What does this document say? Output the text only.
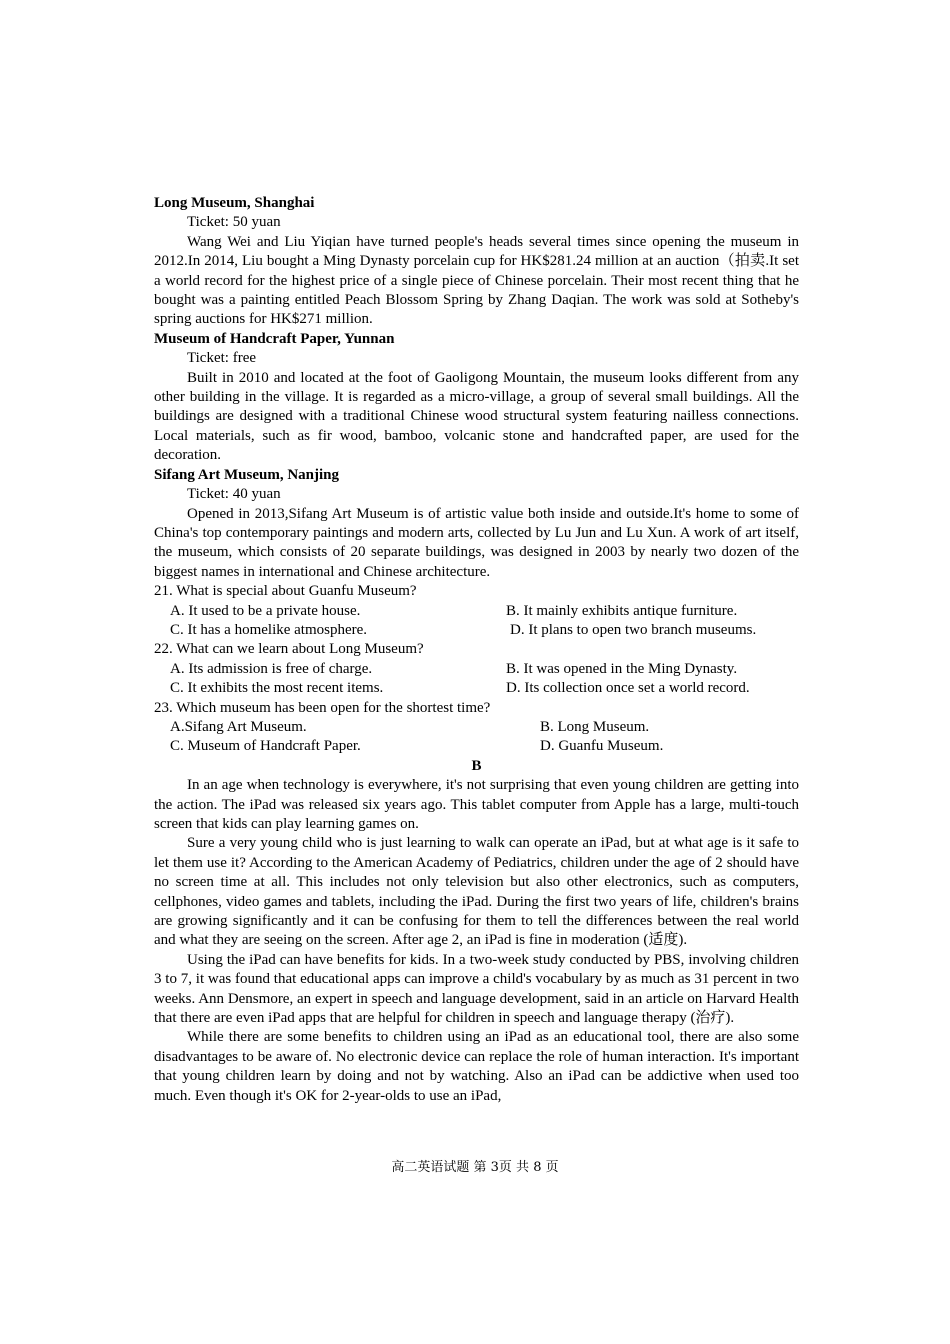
Long Museum, Shanghai
Ticket: 50 yuan
Wang Wei and Liu Yiqian have turned people's heads several times since opening the museum in 2012.In 2014, Liu bought a Ming Dynasty porcelain cup for HK$281.24 million at an auction（拍卖.It set a world record for the highest price of a single piece of Chinese porcelain. Their most recent thing that he bought was a painting entitled Peach Blossom Spring by Zhang Daqian. The work was sold at Sotheby's spring auctions for HK$271 million.
Museum of Handcraft Paper, Yunnan
Ticket: free
Built in 2010 and located at the foot of Gaoligong Mountain, the museum looks different from any other building in the village. It is regarded as a micro-village, a group of several small buildings. All the buildings are designed with a traditional Chinese wood structural system featuring nailless connections. Local materials, such as fir wood, bamboo, volcanic stone and handcrafted paper, are used for the decoration.
Sifang Art Museum, Nanjing
Ticket: 40 yuan
Opened in 2013,Sifang Art Museum is of artistic value both inside and outside.It's home to some of China's top contemporary paintings and modern arts, collected by Lu Jun and Lu Xun. A work of art itself, the museum, which consists of 20 separate buildings, was designed in 2003 by nearly two dozen of the biggest names in international and Chinese architecture.
21. What is special about Guanfu Museum?
A. It used to be a private house.	B. It mainly exhibits antique furniture.
C. It has a homelike atmosphere.	D. It plans to open two branch museums.
22. What can we learn about Long Museum?
A. Its admission is free of charge.	B. It was opened in the Ming Dynasty.
C. It exhibits the most recent items.	D. Its collection once set a world record.
23. Which museum has been open for the shortest time?
A.Sifang Art Museum.	B. Long Museum.
C. Museum of Handcraft Paper.	D. Guanfu Museum.
B
In an age when technology is everywhere, it's not surprising that even young children are getting into the action. The iPad was released six years ago. This tablet computer from Apple has a large, multi-touch screen that kids can play learning games on.
Sure a very young child who is just learning to walk can operate an iPad, but at what age is it safe to let them use it? According to the American Academy of Pediatrics, children under the age of 2 should have no screen time at all. This includes not only television but also other electronics, such as computers, cellphones, video games and tablets, including the iPad. During the first two years of life, children's brains are growing significantly and it can be confusing for them to tell the differences between the real world and what they are seeing on the screen. After age 2, an iPad is fine in moderation (适度).
Using the iPad can have benefits for kids. In a two-week study conducted by PBS, involving children 3 to 7, it was found that educational apps can improve a child's vocabulary by as much as 31 percent in two weeks. Ann Densmore, an expert in speech and language development, said in an article on Harvard Health that there are even iPad apps that are helpful for children in speech and language therapy (治疗).
While there are some benefits to children using an iPad as an educational tool, there are also some disadvantages to be aware of. No electronic device can replace the role of human interaction. It's important that young children learn by doing and not by watching. Also an iPad can be addictive when used too much. Even though it's OK for 2-year-olds to use an iPad,
高二英语试题 第 3页 共 8 页
